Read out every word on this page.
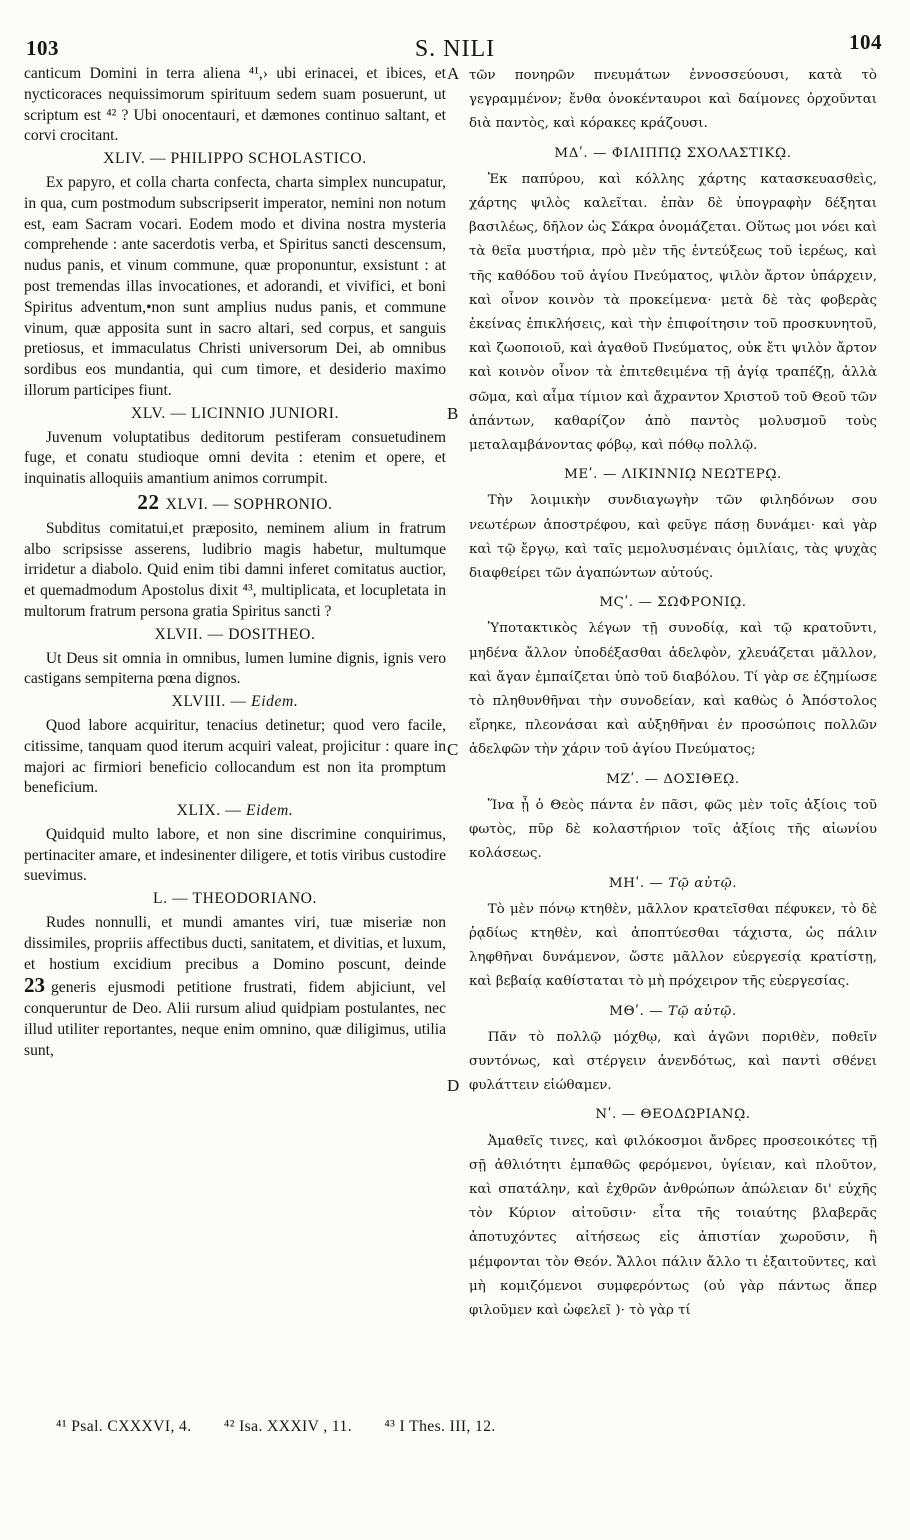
103	S. NILI	104
A
B
C
D

canticum Domini in terra aliena ⁴¹,› ubi erinacei, et ibices, et nycticoraces nequissimorum spirituum sedem suam posuerunt, ut scriptum est ⁴² ? Ubi onocentauri, et dæmones continuo saltant, et corvi crocitant.

XLIV. — PHILIPPO SCHOLASTICO.

Ex papyro, et colla charta confecta, charta simplex nuncupatur, in qua, cum postmodum subscripserit imperator, nemini non notum est, eam Sacram vocari. Eodem modo et divina nostra mysteria comprehende : ante sacerdotis verba, et Spiritus sancti descensum, nudus panis, et vinum commune, quæ proponuntur, exsistunt : at post tremendas illas invocationes, et adorandi, et vivifici, et boni Spiritus adventum,•non sunt amplius nudus panis, et commune vinum, quæ apposita sunt in sacro altari, sed corpus, et sanguis pretiosus, et immaculatus Christi universorum Dei, ab omnibus sordibus eos mundantia, qui cum timore, et desiderio maximo illorum participes fiunt.

XLV. — LICINNIO JUNIORI.

Juvenum voluptatibus deditorum pestiferam consuetudinem fuge, et conatu studioque omni devita : etenim et opere, et inquinatis alloquiis amantium animos corrumpit.

22 XLVI. — SOPHRONIO.

Subditus comitatui,et præposito, neminem alium in fratrum albo scripsisse asserens, ludibrio magis habetur, multumque irridetur a diabolo. Quid enim tibi damni inferet comitatus auctior, et quemadmodum Apostolus dixit ⁴³, multiplicata, et locupletata in multorum fratrum persona gratia Spiritus sancti ?

XLVII. — DOSITHEO.

Ut Deus sit omnia in omnibus, lumen lumine dignis, ignis vero castigans sempiterna pœna dignos.

XLVIII. — Eidem.

Quod labore acquiritur, tenacius detinetur; quod vero facile, citissime, tanquam quod iterum acquiri valeat, projicitur : quare in majori ac firmiori beneficio collocandum est non ita promptum beneficium.

XLIX. — Eidem.

Quidquid multo labore, et non sine discrimine conquirimus, pertinaciter amare, et indesinenter diligere, et totis viribus custodire suevimus.

L. — THEODORIANO.

Rudes nonnulli, et mundi amantes viri, tuæ miseriæ non dissimiles, propriis affectibus ducti, sanitatem, et divitias, et luxum, et hostium excidium precibus a Domino poscunt, deinde 23 generis ejusmodi petitione frustrati, fidem abjiciunt, vel conqueruntur de Deo. Alii rursum aliud quidpiam postulantes, nec illud utiliter reportantes, neque enim omnino, quæ diligimus, utilia sunt,

τῶν πονηρῶν πνευμάτων ἐννοσσεύουσι, κατὰ τὸ γεγραμμένον; ἔνθα ὀνοκένταυροι καὶ δαίμονες ὀρχοῦνται διὰ παντὸς, καὶ κόρακες κράζουσι.

ΜΔʹ. — ΦΙΛΙΠΠῼ ΣΧΟΛΑΣΤΙΚῼ.

Ἐκ παπύρου, καὶ κόλλης χάρτης κατασκευασθεὶς, χάρτης ψιλὸς καλεῖται. ἐπὰν δὲ ὑπογραφὴν δέξηται βασιλέως, δῆλον ὡς Σάκρα ὀνομάζεται. Οὕτως μοι νόει καὶ τὰ θεῖα μυστήρια, πρὸ μὲν τῆς ἐντεύξεως τοῦ ἱερέως, καὶ τῆς καθόδου τοῦ ἁγίου Πνεύματος, ψιλὸν ἄρτον ὑπάρχειν, καὶ οἶνον κοινὸν τὰ προκείμενα· μετὰ δὲ τὰς φοβερὰς ἐκείνας ἐπικλήσεις, καὶ τὴν ἐπιφοίτησιν τοῦ προσκυνητοῦ, καὶ ζωοποιοῦ, καὶ ἀγαθοῦ Πνεύματος, οὐκ ἔτι ψιλὸν ἄρτον καὶ κοινὸν οἶνον τὰ ἐπιτεθειμένα τῇ ἁγίᾳ τραπέζῃ, ἀλλὰ σῶμα, καὶ αἷμα τίμιον καὶ ἄχραντον Χριστοῦ τοῦ Θεοῦ τῶν ἁπάντων, καθαρίζον ἀπὸ παντὸς μολυσμοῦ τοὺς μεταλαμβάνοντας φόβῳ, καὶ πόθῳ πολλῷ.

ΜΕʹ. — ΛΙΚΙΝΝΙῼ ΝΕΩΤΕΡῼ.

Τὴν λοιμικὴν συνδιαγωγὴν τῶν φιληδόνων σου νεωτέρων ἀποστρέφου, καὶ φεῦγε πάσῃ δυνάμει· καὶ γὰρ καὶ τῷ ἔργῳ, καὶ ταῖς μεμολυσμέναις ὁμιλίαις, τὰς ψυχὰς διαφθείρει τῶν ἀγαπώντων αὐτούς.

ΜϚʹ. — ΣΩΦΡΟΝΙῼ.

Ὑποτακτικὸς λέγων τῇ συνοδίᾳ, καὶ τῷ κρατοῦντι, μηδένα ἄλλον ὑποδέξασθαι ἀδελφὸν, χλευάζεται μᾶλλον, καὶ ἄγαν ἐμπαίζεται ὑπὸ τοῦ διαβόλου. Τί γὰρ σε ἐζημίωσε τὸ πληθυνθῆναι τὴν συνοδείαν, καὶ καθὼς ὁ Ἀπόστολος εἴρηκε, πλεονάσαι καὶ αὐξηθῆναι ἐν προσώποις πολλῶν ἀδελφῶν τὴν χάριν τοῦ ἁγίου Πνεύματος;

ΜΖʹ. — ΔΟΣΙΘΕῼ.

Ἵνα ᾖ ὁ Θεὸς πάντα ἐν πᾶσι, φῶς μὲν τοῖς ἀξίοις τοῦ φωτὸς, πῦρ δὲ κολαστήριον τοῖς ἀξίοις τῆς αἰωνίου κολάσεως.

ΜΗʹ. — Τῷ αὐτῷ.

Τὸ μὲν πόνῳ κτηθὲν, μᾶλλον κρατεῖσθαι πέφυκεν, τὸ δὲ ῥᾳδίως κτηθὲν, καὶ ἀποπτύεσθαι τάχιστα, ὡς πάλιν ληφθῆναι δυνάμενον, ὥστε μᾶλλον εὐεργεσίᾳ κρατίστῃ, καὶ βεβαίᾳ καθίσταται τὸ μὴ πρόχειρον τῆς εὐεργεσίας.

ΜΘʹ. — Τῷ αὐτῷ.

Πᾶν τὸ πολλῷ μόχθῳ, καὶ ἀγῶνι ποριθὲν, ποθεῖν συντόνως, καὶ στέργειν ἀνενδότως, καὶ παντὶ σθένει φυλάττειν εἰώθαμεν.

Νʹ. — ΘΕΟΔΩΡΙΑΝῼ.

Ἀμαθεῖς τινες, καὶ φιλόκοσμοι ἄνδρες προσεοικότες τῇ σῇ ἀθλιότητι ἐμπαθῶς φερόμενοι, ὑγίειαν, καὶ πλοῦτον, καὶ σπατάλην, καὶ ἐχθρῶν ἀνθρώπων ἀπώλειαν δι' εὐχῆς τὸν Κύριον αἰτοῦσιν· εἶτα τῆς τοιαύτης βλαβερᾶς ἀποτυχόντες αἰτήσεως εἰς ἀπιστίαν χωροῦσιν, ἢ μέμφονται τὸν Θεόν. Ἄλλοι πάλιν ἄλλο τι ἐξαιτοῦντες, καὶ μὴ κομιζόμενοι συμφερόντως (οὐ γὰρ πάντως ἅπερ φιλοῦμεν καὶ ὠφελεῖ )· τὸ γὰρ τί

⁴¹ Psal. CXXXVI, 4. ⁴² Isa. XXXIV , 11. ⁴³ I Thes. III, 12.
